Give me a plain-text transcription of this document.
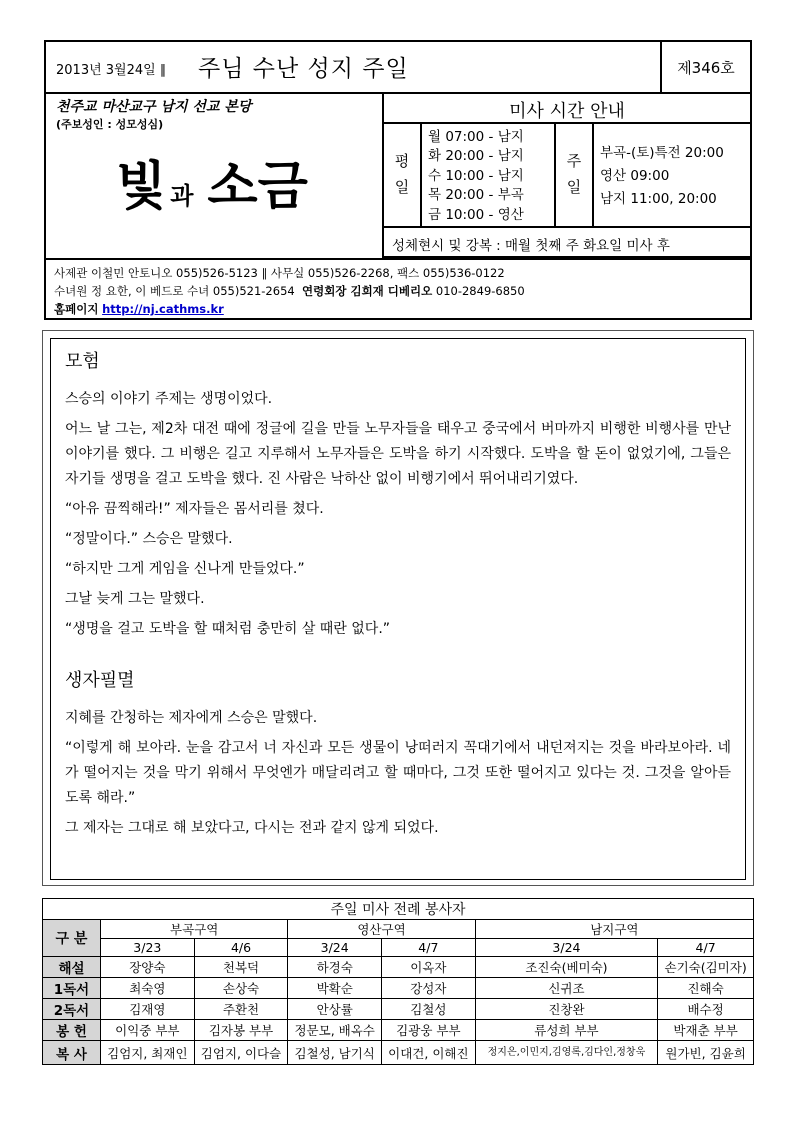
2013년 3월24일 ∥ 주님 수난 성지 주일	제346호
천주교 마산교구 남지 선교 본당
(주보성인 : 성모성심)
빛과 소금
미사 시간 안내
평
일
월 07:00 - 남지
화 20:00 - 남지
수 10:00 - 남지
목 20:00 - 부곡
금 10:00 - 영산
주
일
부곡-(토)특전 20:00
영산 09:00
남지 11:00, 20:00
성체현시 및 강복 : 매월 첫째 주 화요일 미사 후
사제관 이철민 안토니오 055)526-5123 ∥ 사무실 055)526-2268, 팩스 055)536-0122
수녀원 정 요한, 이 베드로 수녀 055)521-2654 연령회장 김희재 디베리오 010-2849-6850
홈페이지 http://nj.cathms.kr
모험

스승의 이야기 주제는 생명이었다.

어느 날 그는, 제2차 대전 때에 정글에 길을 만들 노무자들을 태우고 중국에서 버마까지 비행한 비행사를 만난 이야기를 했다. 그 비행은 길고 지루해서 노무자들은 도박을 하기 시작했다. 도박을 할 돈이 없었기에, 그들은 자기들 생명을 걸고 도박을 했다. 진 사람은 낙하산 없이 비행기에서 뛰어내리기였다.

“아유 끔찍해라!” 제자들은 몸서리를 쳤다.

“정말이다.” 스승은 말했다.

“하지만 그게 게임을 신나게 만들었다.”

그날 늦게 그는 말했다.

“생명을 걸고 도박을 할 때처럼 충만히 살 때란 없다.”

생자필멸

지혜를 간청하는 제자에게 스승은 말했다.

“이렇게 해 보아라. 눈을 감고서 너 자신과 모든 생물이 낭떠러지 꼭대기에서 내던져지는 것을 바라보아라. 네가 떨어지는 것을 막기 위해서 무엇엔가 매달리려고 할 때마다, 그것 또한 떨어지고 있다는 것. 그것을 알아듣도록 해라.”

그 제자는 그대로 해 보았다고, 다시는 전과 같지 않게 되었다.

주일 미사 전례 봉사자						
구 분	부곡구역		영산구역		남지구역	
	3/23	4/6	3/24	4/7	3/24	4/7
해설	장양숙	천복덕	하경숙	이옥자	조진숙(베미숙)	손기숙(김미자)
1독서	최숙영	손상숙	박확순	강성자	신귀조	진해숙
2독서	김재영	주환천	안상률	김철성	진창완	배수정
봉 헌	이익중 부부	김자봉 부부	정문모, 배옥수	김광웅 부부	류성희 부부	박재춘 부부
복 사	김엄지, 최재인	김엄지, 이다슬	김철성, 남기식	이대건, 이해진	정지은,이민지,김영록,김다인,정창욱	원가빈, 김윤희
